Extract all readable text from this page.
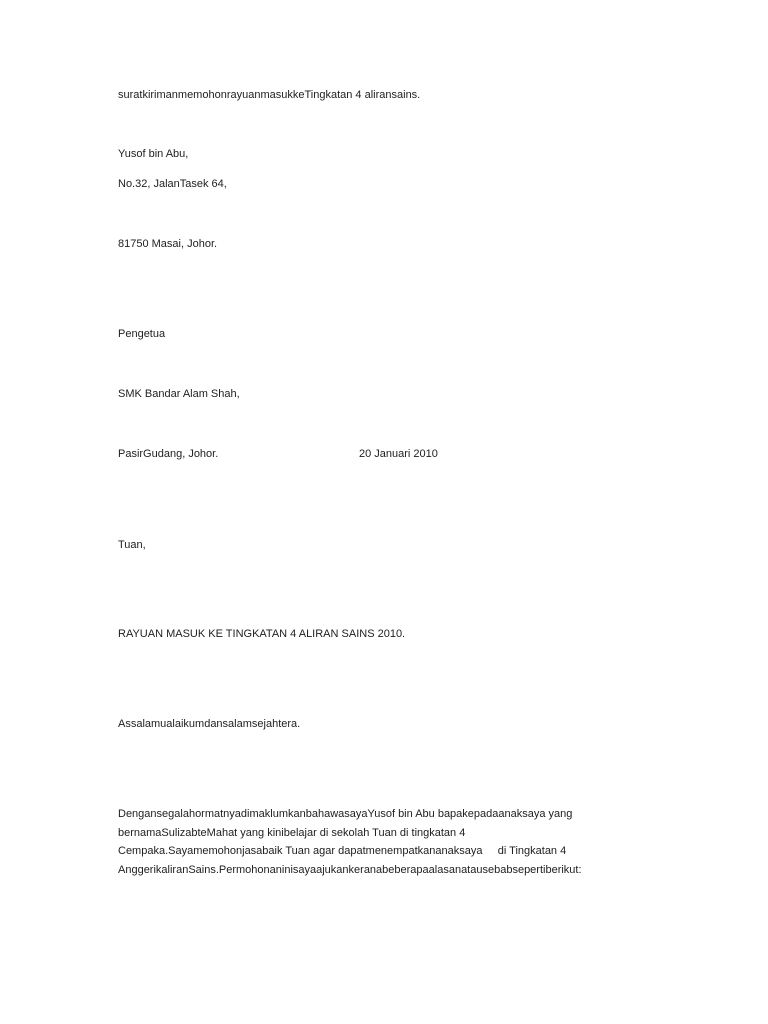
suratkirimanmemohonrayuanmasukkeTingkatan 4 aliransains.

Yusof bin Abu,

No.32, JalanTasek 64,

81750 Masai, Johor.

Pengetua

SMK Bandar Alam Shah,

PasirGudang, Johor.	20 Januari 2010

Tuan,

RAYUAN MASUK KE TINGKATAN 4 ALIRAN SAINS 2010.

Assalamualaikumdansalamsejahtera.

DengansegalahormatnyadimaklumkanbahawasayaYusof bin Abu bapakepadaanaksaya yang

bernamaSulizabteMahat yang kinibelajar di sekolah Tuan di tingkatan 4

Cempaka.Sayamemohonjasabaik Tuan agar dapatmenempatkananaksaya     di Tingkatan 4

AnggerikaliranSains.Permohonaninisayaajukankeranabeberapaalasanatausebabsepertiberikut:
